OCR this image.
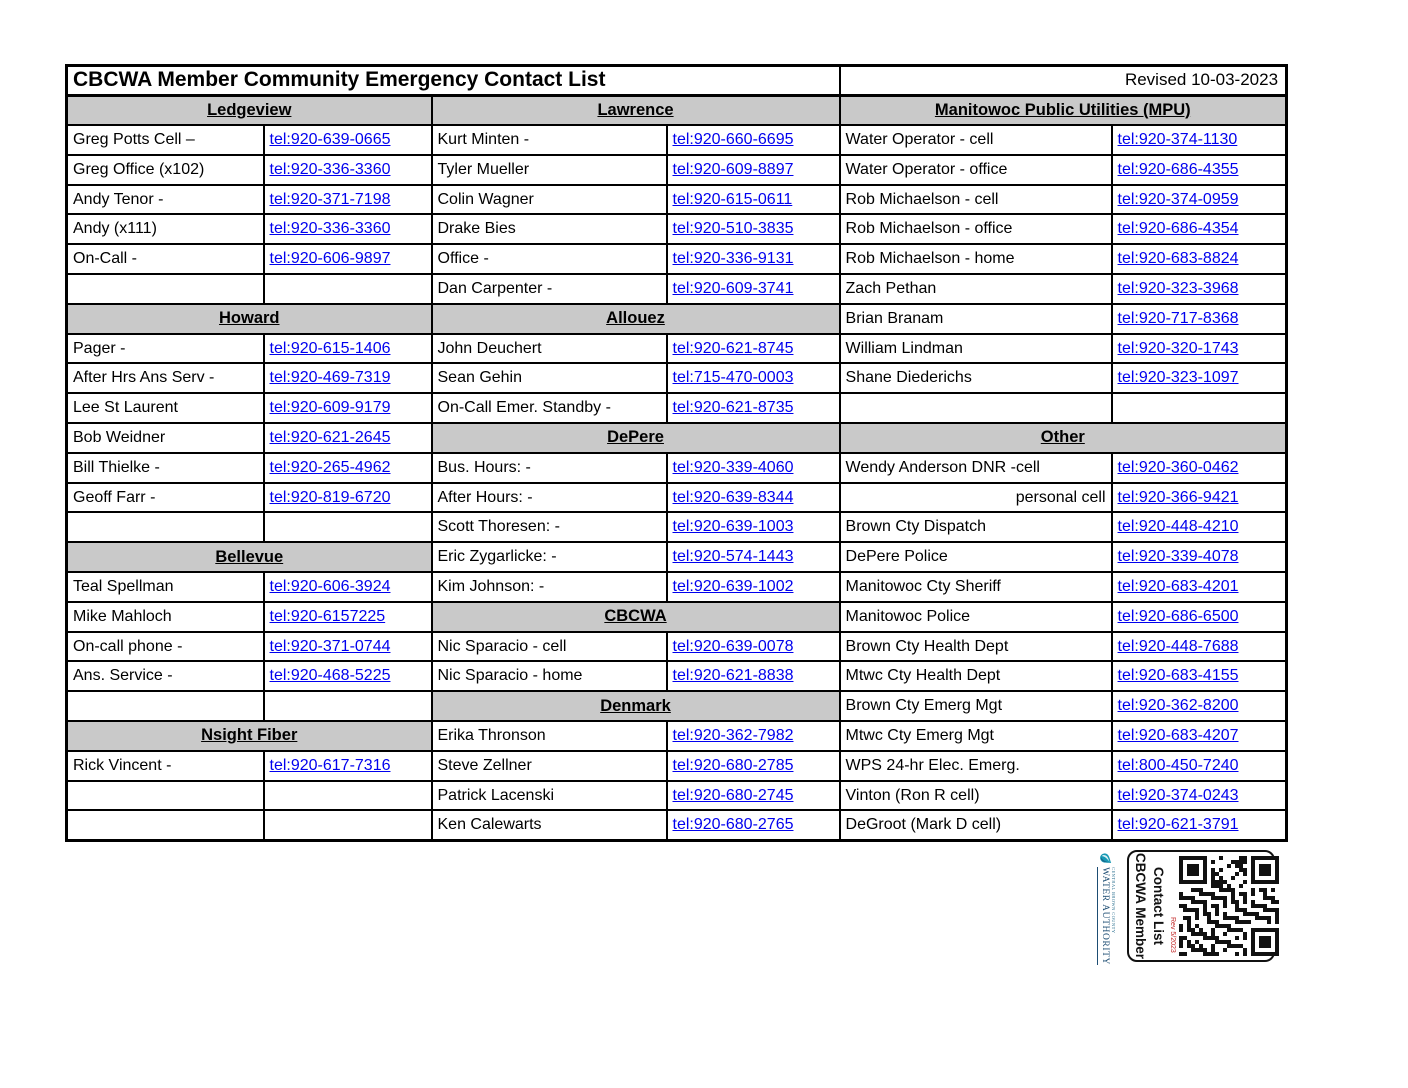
CBCWA Member Community Emergency Contact List				Revised 10-03-2023	
Ledgeview		Lawrence		Manitowoc Public Utilities (MPU)	
Greg Potts Cell –	tel:920-639-0665	Kurt Minten -	tel:920-660-6695	Water Operator - cell	tel:920-374-1130
Greg Office (x102)	tel:920-336-3360	Tyler Mueller	tel:920-609-8897	Water Operator - office	tel:920-686-4355
Andy Tenor -	tel:920-371-7198	Colin Wagner	tel:920-615-0611	Rob Michaelson - cell	tel:920-374-0959
Andy (x111)	tel:920-336-3360	Drake Bies	tel:920-510-3835	Rob Michaelson - office	tel:920-686-4354
On-Call -	tel:920-606-9897	Office -	tel:920-336-9131	Rob Michaelson - home	tel:920-683-8824
		Dan Carpenter -	tel:920-609-3741	Zach Pethan	tel:920-323-3968
Howard		Allouez		Brian Branam	tel:920-717-8368
Pager -	tel:920-615-1406	John Deuchert	tel:920-621-8745	William Lindman	tel:920-320-1743
After Hrs Ans Serv -	tel:920-469-7319	Sean Gehin	tel:715-470-0003	Shane Diederichs	tel:920-323-1097
Lee St Laurent	tel:920-609-9179	On-Call Emer. Standby -	tel:920-621-8735		
Bob Weidner	tel:920-621-2645	DePere		Other	
Bill Thielke -	tel:920-265-4962	Bus. Hours: -	tel:920-339-4060	Wendy Anderson DNR -cell	tel:920-360-0462
Geoff Farr -	tel:920-819-6720	After Hours: -	tel:920-639-8344	personal cell	tel:920-366-9421
		Scott Thoresen: -	tel:920-639-1003	Brown Cty Dispatch	tel:920-448-4210
Bellevue		Eric Zygarlicke: -	tel:920-574-1443	DePere Police	tel:920-339-4078
Teal Spellman	tel:920-606-3924	Kim Johnson: -	tel:920-639-1002	Manitowoc Cty Sheriff	tel:920-683-4201
Mike Mahloch	tel:920-6157225	CBCWA		Manitowoc Police	tel:920-686-6500
On-call phone -	tel:920-371-0744	Nic Sparacio - cell	tel:920-639-0078	Brown Cty Health Dept	tel:920-448-7688
Ans. Service -	tel:920-468-5225	Nic Sparacio - home	tel:920-621-8838	Mtwc Cty Health Dept	tel:920-683-4155
		Denmark		Brown Cty Emerg Mgt	tel:920-362-8200
Nsight Fiber		Erika Thronson	tel:920-362-7982	Mtwc Cty Emerg Mgt	tel:920-683-4207
Rick Vincent -	tel:920-617-7316	Steve Zellner	tel:920-680-2785	WPS 24-hr Elec. Emerg.	tel:800-450-7240
		Patrick Lacenski	tel:920-680-2745	Vinton (Ron R cell)	tel:920-374-0243
		Ken Calewarts	tel:920-680-2765	DeGroot (Mark D cell)	tel:920-621-3791
CENTRAL BROWN COUNTY
WATER AUTHORITY CBCWA Member Contact List Rev 5/2023
